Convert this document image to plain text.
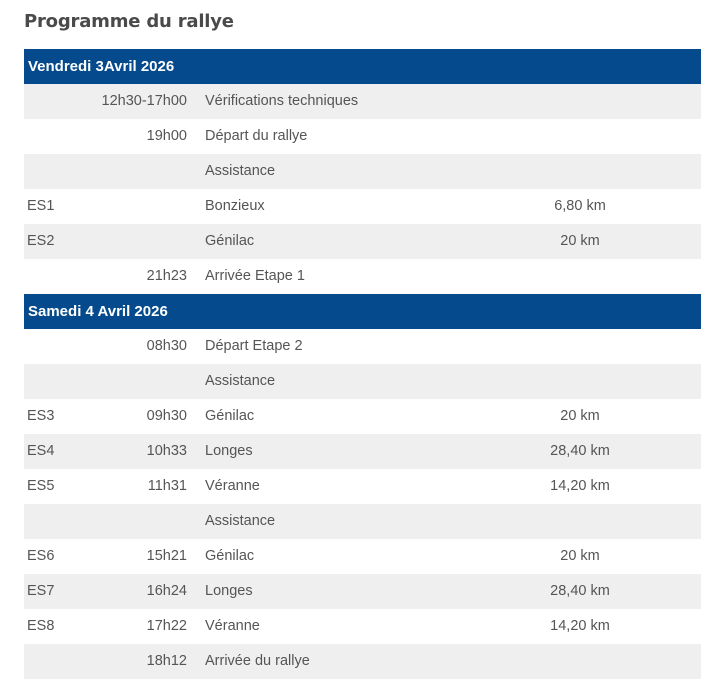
Programme du rallye
Vendredi 3Avril 2026
12h30-17h00 Vérifications techniques
19h00 Départ du rallye
Assistance
ES1	Bonzieux	6,80 km
ES2	Génilac	20 km
21h23 Arrivée Etape 1
Samedi 4 Avril 2026
08h30 Départ Etape 2
Assistance
ES3	09h30 Génilac	20 km
ES4	10h33 Longes	28,40 km
ES5	11h31 Véranne	14,20 km
Assistance
ES6	15h21 Génilac	20 km
ES7	16h24 Longes	28,40 km
ES8	17h22 Véranne	14,20 km
18h12 Arrivée du rallye
